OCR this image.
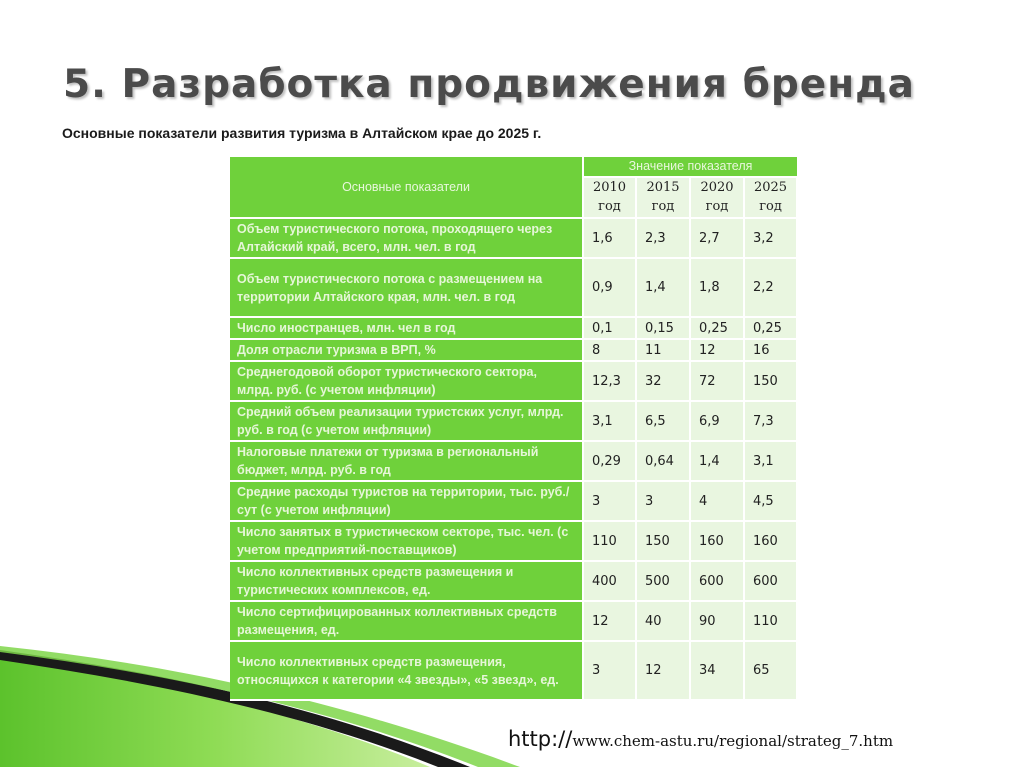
5. Разработка продвижения бренда
Основные показатели развития туризма в Алтайском крае до 2025 г.
Основные показатели	Значение показателя			
	2010 год	2015 год	2020 год	2025 год
Объем туристического потока, проходящего через Алтайский край, всего, млн. чел. в год	1,6	2,3	2,7	3,2
Объем туристического потока с размещением на территории Алтайского края, млн. чел. в год	0,9	1,4	1,8	2,2
Число иностранцев, млн. чел в год	0,1	0,15	0,25	0,25
Доля отрасли туризма в ВРП, %	8	11	12	16
Среднегодовой оборот туристического сектора, млрд. руб. (с учетом инфляции)	12,3	32	72	150
Средний объем реализации туристских услуг, млрд. руб. в год (с учетом инфляции)	3,1	6,5	6,9	7,3
Налоговые платежи от туризма в региональный бюджет, млрд. руб. в год	0,29	0,64	1,4	3,1
Средние расходы туристов на территории, тыс. руб./сут (с учетом инфляции)	3	3	4	4,5
Число занятых в туристическом секторе, тыс. чел. (с учетом предприятий-поставщиков)	110	150	160	160
Число коллективных средств размещения и туристических комплексов, ед.	400	500	600	600
Число сертифицированных коллективных средств размещения, ед.	12	40	90	110
Число коллективных средств размещения, относящихся к категории «4 звезды», «5 звезд», ед.	3	12	34	65
http://www.chem-astu.ru/regional/strateg_7.htm
